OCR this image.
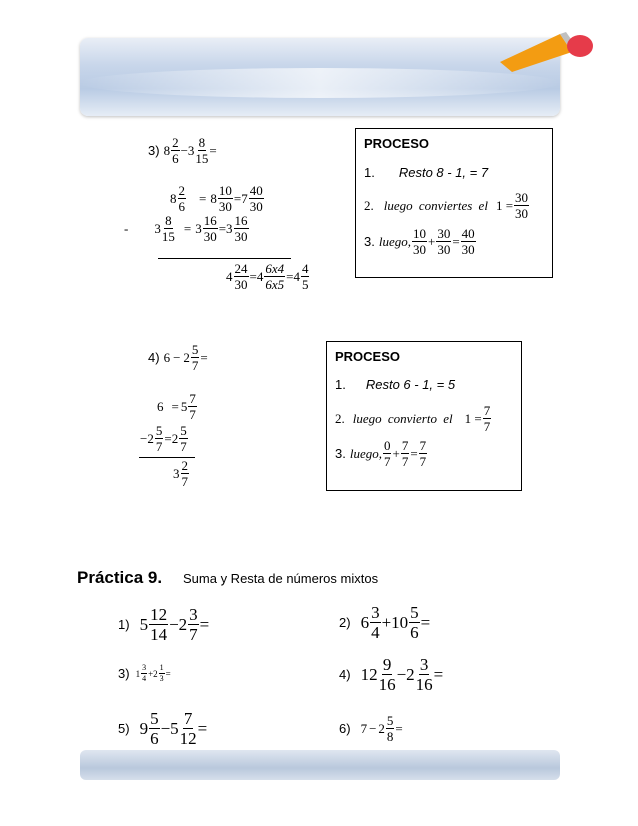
3) $8 \frac{2}{6} - 3 \frac{8}{15}$ =
$8 \frac{2}{6} = 8 \frac{10}{30} = 7 \frac{40}{30}$
- $3 \frac{8}{15} = 3 \frac{16}{30} = 3 \frac{16}{30}$
$4 \frac{24}{30} = 4 \frac{6x4}{6x5} = 4 \frac{4}{5}$
PROCESO
1. Resto 8 - 1, = 7
2. luego conviertes el $1 = \frac{30}{30}$
3. luego, $\frac{10}{30} + \frac{30}{30} = \frac{40}{30}$
4) $6 - 2 \frac{5}{7}$ =
$6 = 5 \frac{7}{7}$
− $2 \frac{5}{7} = 2 \frac{5}{7}$
$3 \frac{2}{7}$
PROCESO
1. Resto 6 - 1, = 5
2. luego convierto el $1 = \frac{7}{7}$
3. luego, $\frac{0}{7} + \frac{7}{7} = \frac{7}{7}$
Práctica 9. Suma y Resta de números mixtos
1) $5 \frac{12}{14} - 2 \frac{3}{7}$ =	2) $6 \frac{3}{4} + 10 \frac{5}{6}$ =
3) $1 \frac{3}{4} + 2 \frac{1}{3}$ =	4) $12 \frac{9}{16} - 2 \frac{3}{16}$ =
5) $9 \frac{5}{6} - 5 \frac{7}{12}$ =	6) $7 - 2 \frac{5}{8}$ =
